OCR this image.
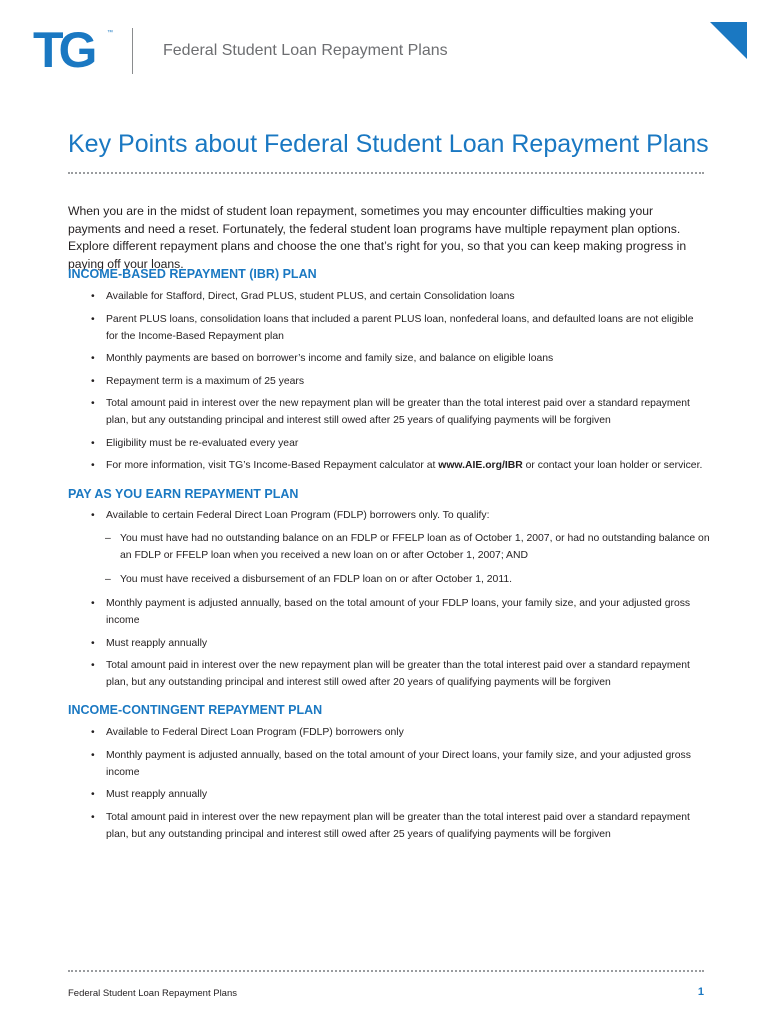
TG ™
Federal Student Loan Repayment Plans
Key Points about Federal Student Loan Repayment Plans

When you are in the midst of student loan repayment, sometimes you may encounter difficulties making your payments and need a reset. Fortunately, the federal student loan programs have multiple repayment plan options. Explore different repayment plans and choose the one that’s right for you, so that you can keep making progress in paying off your loans.

INCOME-BASED REPAYMENT (IBR) PLAN

• Available for Stafford, Direct, Grad PLUS, student PLUS, and certain Consolidation loans

• Parent PLUS loans, consolidation loans that included a parent PLUS loan, nonfederal loans, and defaulted loans are not eligible for the Income-Based Repayment plan

• Monthly payments are based on borrower’s income and family size, and balance on eligible loans

• Repayment term is a maximum of 25 years

• Total amount paid in interest over the new repayment plan will be greater than the total interest paid over a standard repayment plan, but any outstanding principal and interest still owed after 25 years of qualifying payments will be forgiven

• Eligibility must be re-evaluated every year

• For more information, visit TG’s Income-Based Repayment calculator at www.AIE.org/IBR or contact your loan holder or servicer.

PAY AS YOU EARN REPAYMENT PLAN

• Available to certain Federal Direct Loan Program (FDLP) borrowers only. To qualify:

– You must have had no outstanding balance on an FDLP or FFELP loan as of October 1, 2007, or had no outstanding balance on an FDLP or FFELP loan when you received a new loan on or after October 1, 2007; AND

– You must have received a disbursement of an FDLP loan on or after October 1, 2011.

• Monthly payment is adjusted annually, based on the total amount of your FDLP loans, your family size, and your adjusted gross income

• Must reapply annually

• Total amount paid in interest over the new repayment plan will be greater than the total interest paid over a standard repayment plan, but any outstanding principal and interest still owed after 20 years of qualifying payments will be forgiven

INCOME-CONTINGENT REPAYMENT PLAN

• Available to Federal Direct Loan Program (FDLP) borrowers only

• Monthly payment is adjusted annually, based on the total amount of your Direct loans, your family size, and your adjusted gross income

• Must reapply annually

• Total amount paid in interest over the new repayment plan will be greater than the total interest paid over a standard repayment plan, but any outstanding principal and interest still owed after 25 years of qualifying payments will be forgiven

Federal Student Loan Repayment Plans	1
